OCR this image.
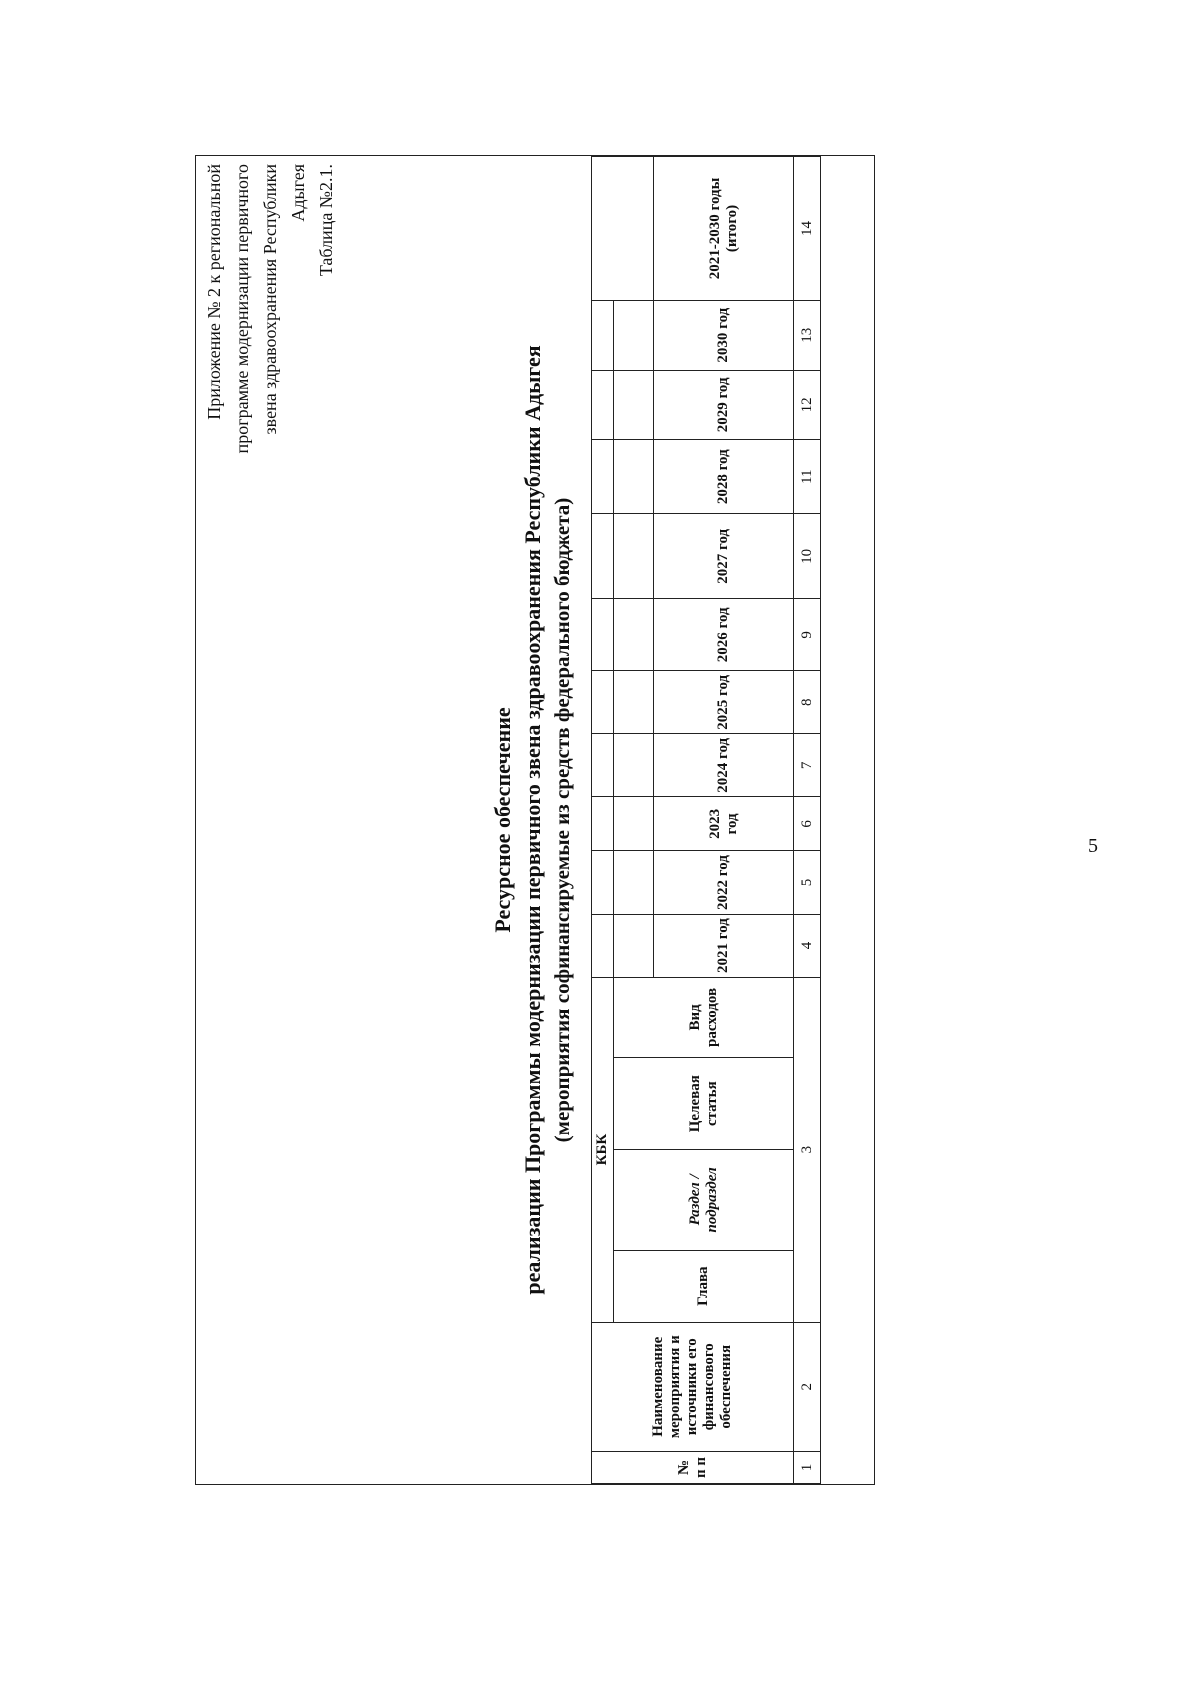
Приложение № 2 к региональной программе модернизации первичного звена здравоохранения Республики Адыгея Таблица №2.1.
Ресурсное обеспечение реализации Программы модернизации первичного звена здравоохранения Республики Адыгея (мероприятия софинансируемые из средств федерального бюджета)
№ п п	Наименование мероприятия и источники его финансового обеспечения	КБК														
		Глава	Раздел / подраздел	Целевая статья	Вид расходов											
						2021 год	2022 год	2023 год	2024 год	2025 год	2026 год	2027 год	2028 год	2029 год	2030 год	2021-2030 годы (итого)
1	2	3				4	5	6	7	8	9	10	11	12	13	14
5
